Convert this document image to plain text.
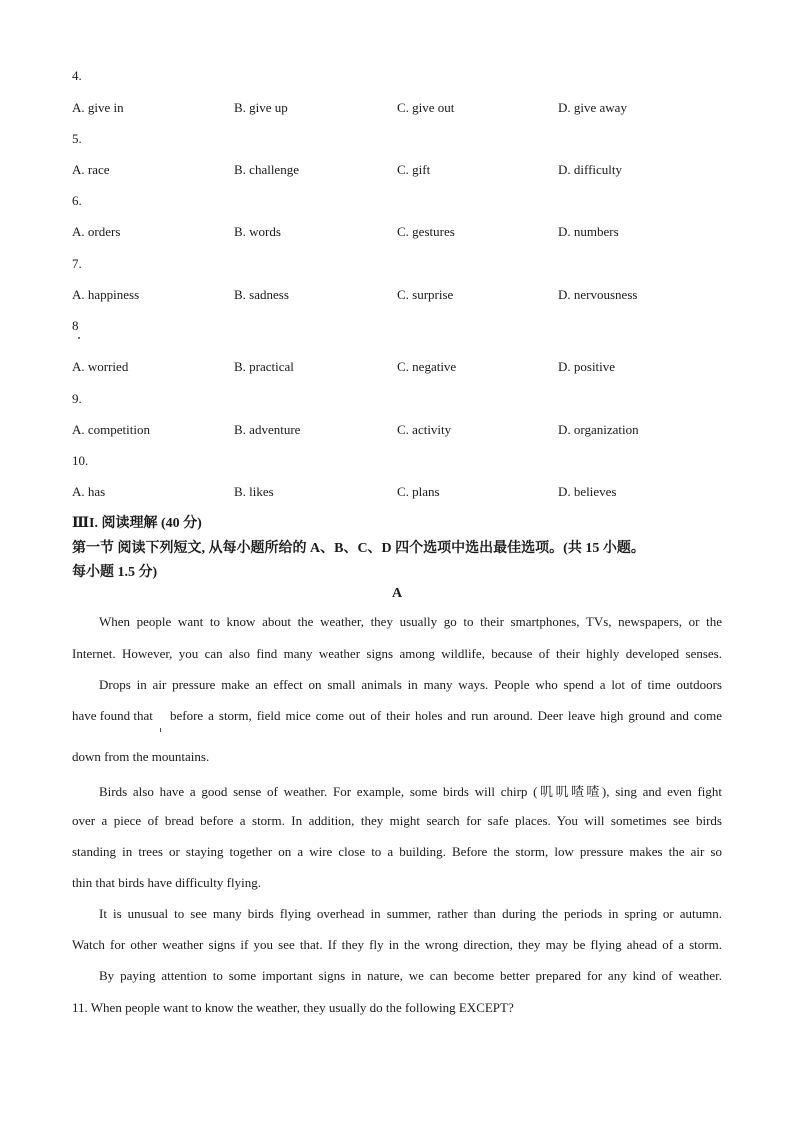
4.
A. give in	B. give up	C. give out	D. give away
5.
A. race	B. challenge	C. gift	D. difficulty
6.
A. orders	B. words	C. gestures	D. numbers
7.
A. happiness	B. sadness	C. surprise	D. nervousness
8
A. worried	B. practical	C. negative	D. positive
9.
A. competition	B. adventure	C. activity	D. organization
10.
A. has	B. likes	C. plans	D. believes
ⅢI. 阅读理解 (40 分)
第一节 阅读下列短文, 从每小题所给的 A、B、C、D 四个选项中选出最佳选项。(共 15 小题。
每小题 1.5 分)
A
When people want to know about the weather, they usually go to their smartphones, TVs, newspapers, or the
Internet. However, you can also find many weather signs among wildlife, because of their highly developed senses.
Drops in air pressure make an effect on small animals in many ways. People who spend a lot of time outdoors
have found that before a storm, field mice come out of their holes and run around. Deer leave high ground and come
down from the mountains.
Birds also have a good sense of weather. For example, some birds will chirp (叽叽喳喳), sing and even fight
over a piece of bread before a storm. In addition, they might search for safe places. You will sometimes see birds
standing in trees or staying together on a wire close to a building. Before the storm, low pressure makes the air so
thin that birds have difficulty flying.
It is unusual to see many birds flying overhead in summer, rather than during the periods in spring or autumn.
Watch for other weather signs if you see that. If they fly in the wrong direction, they may be flying ahead of a storm.
By paying attention to some important signs in nature, we can become better prepared for any kind of weather.
11. When people want to know the weather, they usually do the following EXCEPT?
